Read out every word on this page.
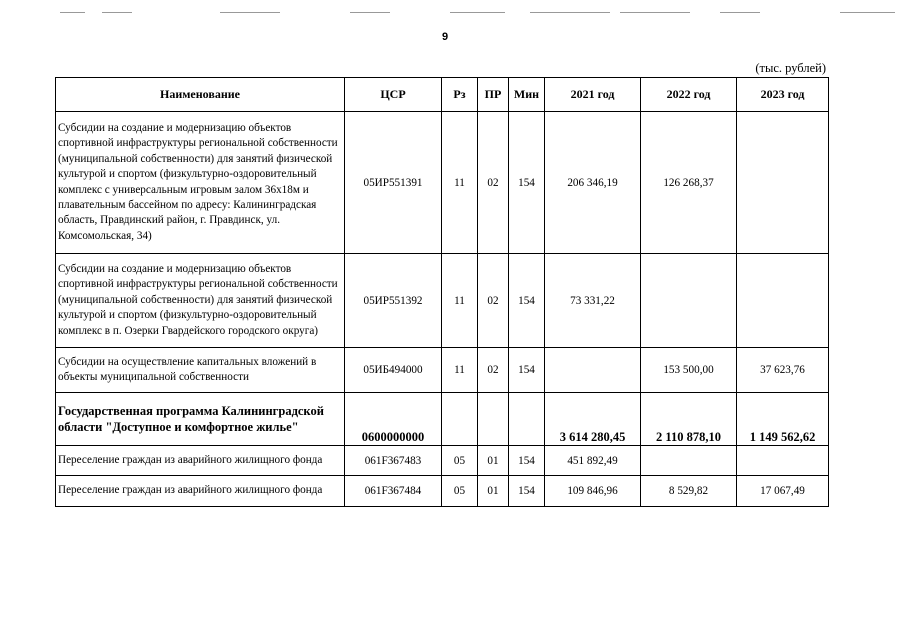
9
(тыс. рублей)
Наименование	ЦСР	Рз	ПР	Мин	2021 год	2022 год	2023 год
Субсидии на создание и модернизацию объектов спортивной инфраструктуры региональной собственности (муниципальной собственности) для занятий физической культурой и спортом (физкультурно-оздоровительный комплекс с универсальным игровым залом 36х18м и плавательным бассейном по адресу: Калининградская область, Правдинский район, г. Правдинск, ул. Комсомольская, 34)	05ИР551391	11	02	154	206 346,19	126 268,37	
Субсидии на создание и модернизацию объектов спортивной инфраструктуры региональной собственности (муниципальной собственности) для занятий физической культурой и спортом (физкультурно-оздоровительный комплекс в п. Озерки Гвардейского городского округа)	05ИР551392	11	02	154	73 331,22		
Субсидии на осуществление капитальных вложений в объекты муниципальной собственности	05ИБ494000	11	02	154		153 500,00	37 623,76
Государственная программа Калининградской области "Доступное и комфортное жилье"	0600000000				3 614 280,45	2 110 878,10	1 149 562,62
Переселение граждан из аварийного жилищного фонда	061F367483	05	01	154	451 892,49		
Переселение граждан из аварийного жилищного фонда	061F367484	05	01	154	109 846,96	8 529,82	17 067,49
